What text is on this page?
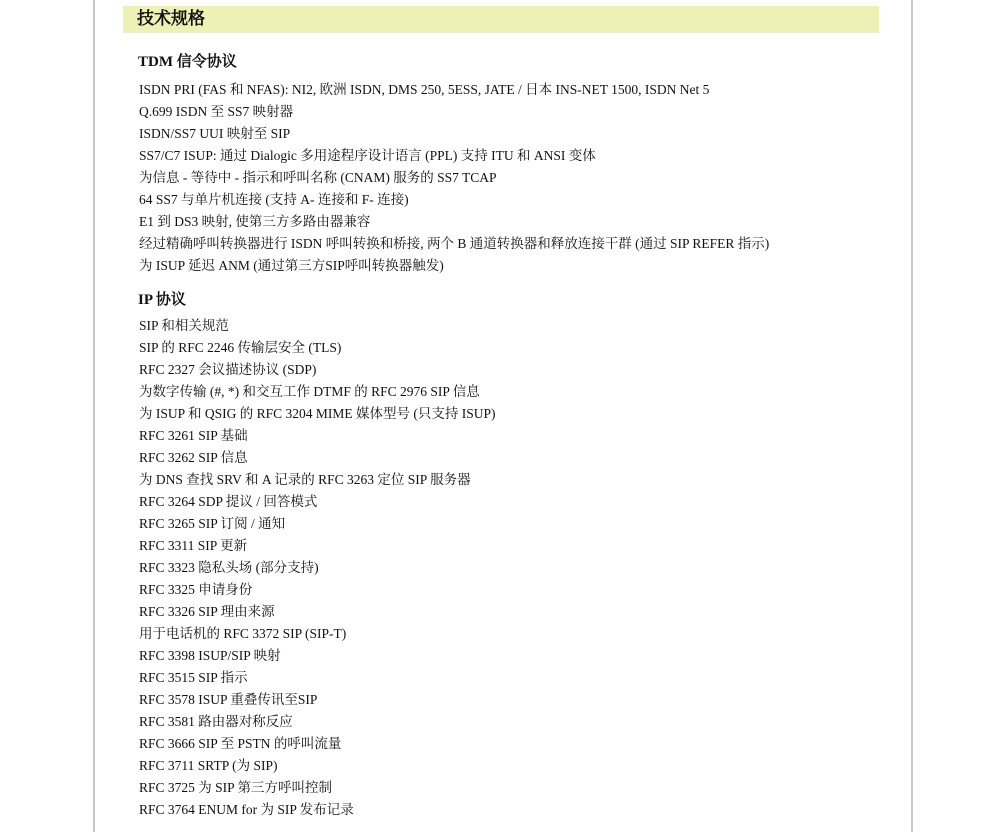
技术规格
TDM 信令协议
ISDN PRI (FAS 和 NFAS): NI2, 欧洲 ISDN, DMS 250, 5ESS, JATE / 日本 INS-NET 1500, ISDN Net 5
Q.699 ISDN 至 SS7 映射器
ISDN/SS7 UUI 映射至 SIP
SS7/C7 ISUP: 通过 Dialogic 多用途程序设计语言 (PPL) 支持 ITU 和 ANSI 变体
为信息 - 等待中 - 指示和呼叫名称 (CNAM) 服务的 SS7 TCAP
64 SS7 与单片机连接 (支持 A- 连接和 F- 连接)
E1 到 DS3 映射, 使第三方多路由器兼容
经过精确呼叫转换器进行 ISDN 呼叫转换和桥接, 两个 B 通道转换器和释放连接干群 (通过 SIP REFER 指示)
为 ISUP 延迟 ANM (通过第三方SIP呼叫转换器触发)
IP 协议
SIP 和相关规范
SIP 的 RFC 2246 传输层安全 (TLS)
RFC 2327 会议描述协议 (SDP)
为数字传输 (#, *) 和交互工作 DTMF 的 RFC 2976 SIP 信息
为 ISUP 和 QSIG 的 RFC 3204 MIME 媒体型号 (只支持 ISUP)
RFC 3261 SIP 基础
RFC 3262 SIP 信息
为 DNS 查找 SRV 和 A 记录的 RFC 3263 定位 SIP 服务器
RFC 3264 SDP 提议 / 回答模式
RFC 3265 SIP 订阅 / 通知
RFC 3311 SIP 更新
RFC 3323 隐私头场 (部分支持)
RFC 3325 申请身份
RFC 3326 SIP 理由来源
用于电话机的 RFC 3372 SIP (SIP-T)
RFC 3398 ISUP/SIP 映射
RFC 3515 SIP 指示
RFC 3578 ISUP 重叠传讯至SIP
RFC 3581 路由器对称反应
RFC 3666 SIP 至 PSTN 的呼叫流量
RFC 3711 SRTP (为 SIP)
RFC 3725 为 SIP 第三方呼叫控制
RFC 3764 ENUM for 为 SIP 发布记录
